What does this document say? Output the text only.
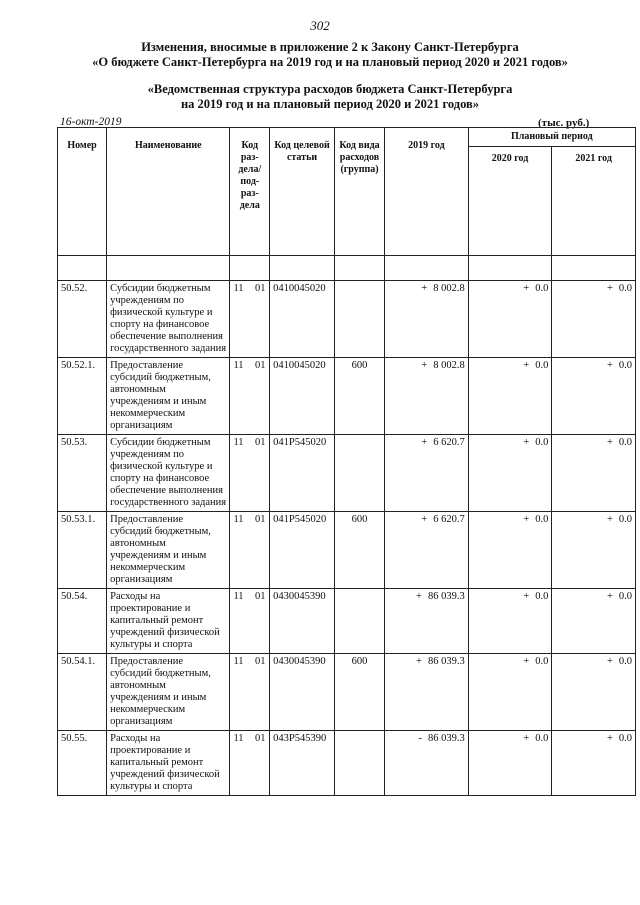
302
Изменения, вносимые в приложение 2 к Закону Санкт-Петербурга
«О бюджете Санкт-Петербурга на 2019 год и на плановый период 2020 и 2021 годов»
«Ведомственная структура расходов бюджета Санкт-Петербурга
на 2019 год и на плановый период 2020 и 2021 годов»
16-окт-2019	(тыс. руб.)
Номер	Наименование	Код раз- дела/ под- раз- дела	Код целевой статьи	Код вида расходов (группа)	2019 год	Плановый период	
						2020 год	2021 год

50.52.	Субсидии бюджетным учреждениям по физической культуре и спорту на финансовое обеспечение выполнения государственного задания	11 01	0410045020		+ 8 002.8	+ 0.0	+ 0.0
50.52.1.	Предоставление субсидий бюджетным, автономным учреждениям и иным некоммерческим организациям	11 01	0410045020	600	+ 8 002.8	+ 0.0	+ 0.0
50.53.	Субсидии бюджетным учреждениям по физической культуре и спорту на финансовое обеспечение выполнения государственного задания	11 01	041P545020		+ 6 620.7	+ 0.0	+ 0.0
50.53.1.	Предоставление субсидий бюджетным, автономным учреждениям и иным некоммерческим организациям	11 01	041P545020	600	+ 6 620.7	+ 0.0	+ 0.0
50.54.	Расходы на проектирование и капитальный ремонт учреждений физической культуры и спорта	11 01	0430045390		+ 86 039.3	+ 0.0	+ 0.0
50.54.1.	Предоставление субсидий бюджетным, автономным учреждениям и иным некоммерческим организациям	11 01	0430045390	600	+ 86 039.3	+ 0.0	+ 0.0
50.55.	Расходы на проектирование и капитальный ремонт учреждений физической культуры и спорта	11 01	043P545390		- 86 039.3	+ 0.0	+ 0.0
